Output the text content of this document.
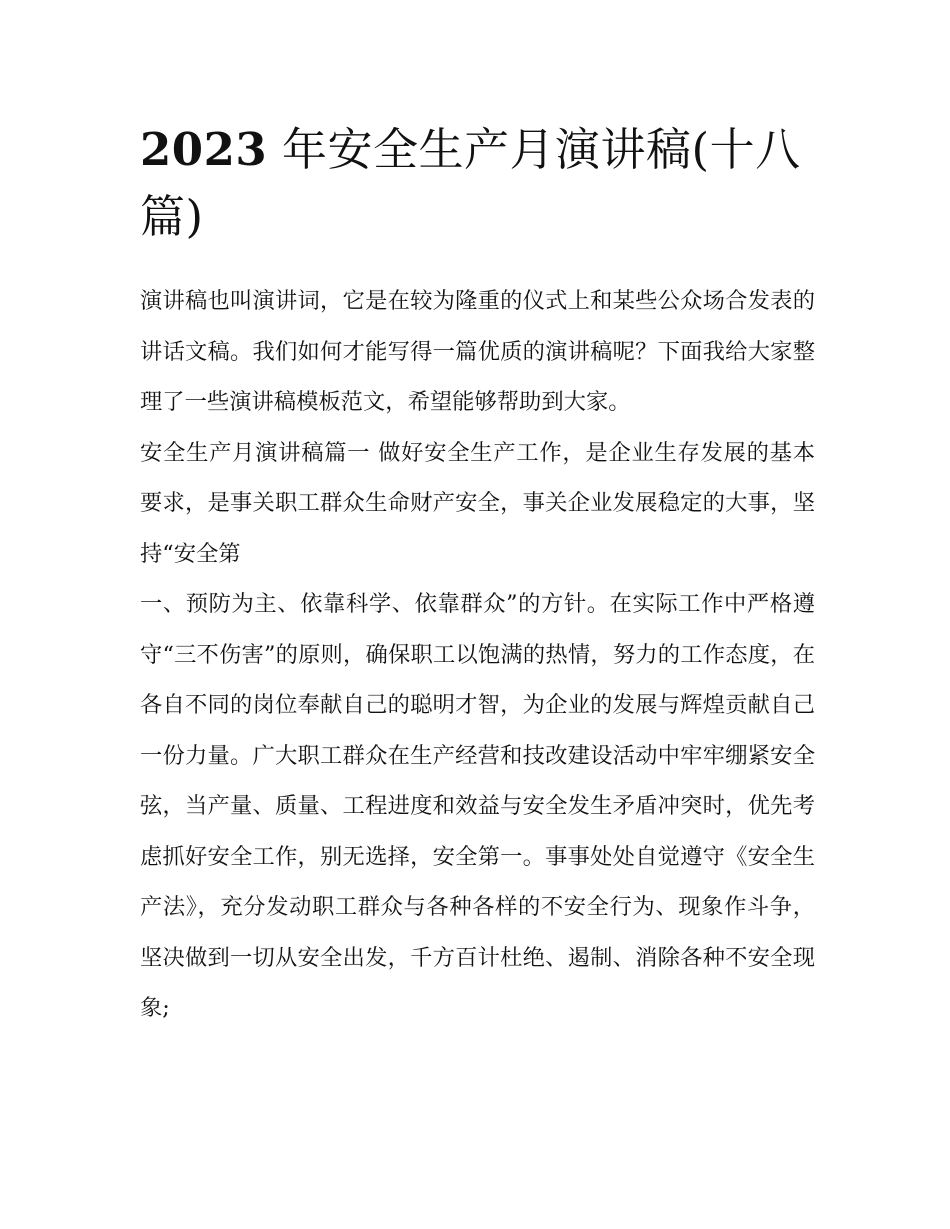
2023 年安全生产月演讲稿(十八篇)

演讲稿也叫演讲词，它是在较为隆重的仪式上和某些公众场合发表的讲话文稿。我们如何才能写得一篇优质的演讲稿呢？下面我给大家整理了一些演讲稿模板范文，希望能够帮助到大家。

安全生产月演讲稿篇一 做好安全生产工作，是企业生存发展的基本要求，是事关职工群众生命财产安全，事关企业发展稳定的大事，坚持“安全第

一、预防为主、依靠科学、依靠群众”的方针。在实际工作中严格遵守“三不伤害”的原则，确保职工以饱满的热情，努力的工作态度，在各自不同的岗位奉献自己的聪明才智，为企业的发展与辉煌贡献自己一份力量。广大职工群众在生产经营和技改建设活动中牢牢绷紧安全弦，当产量、质量、工程进度和效益与安全发生矛盾冲突时，优先考虑抓好安全工作，别无选择，安全第一。事事处处自觉遵守《安全生产法》，充分发动职工群众与各种各样的不安全行为、现象作斗争，坚决做到一切从安全出发，千方百计杜绝、遏制、消除各种不安全现象;
